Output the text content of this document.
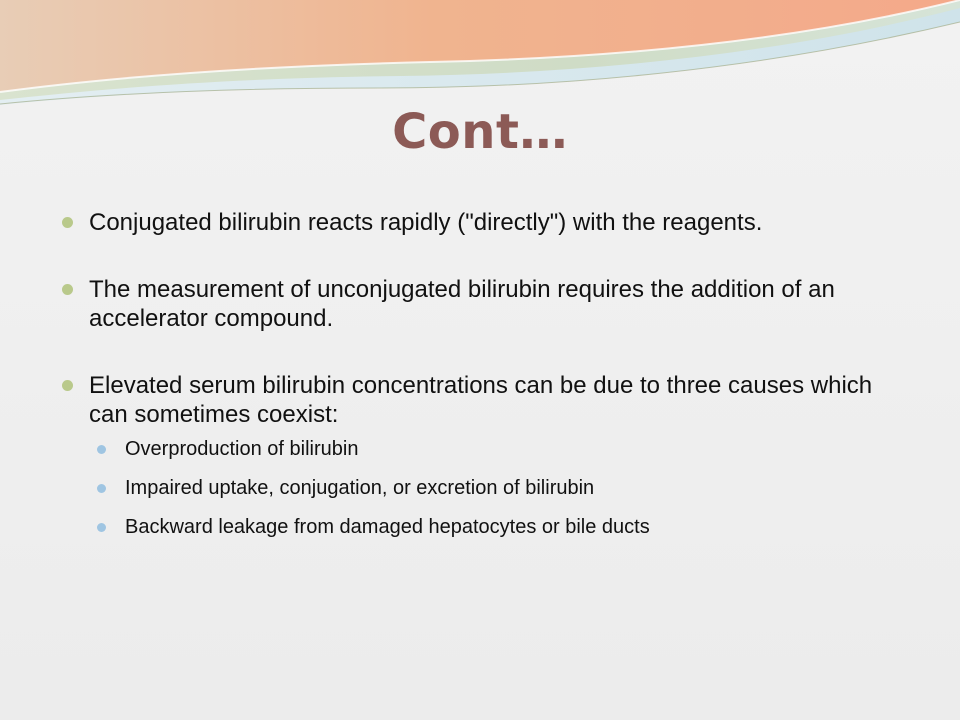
Cont…
Conjugated bilirubin reacts rapidly ("directly") with the reagents.
The measurement of unconjugated bilirubin requires the addition of an accelerator compound.
Elevated serum bilirubin concentrations can be due to three causes which can sometimes coexist:
Overproduction of bilirubin
Impaired uptake, conjugation, or excretion of bilirubin
Backward leakage from damaged hepatocytes or bile ducts
